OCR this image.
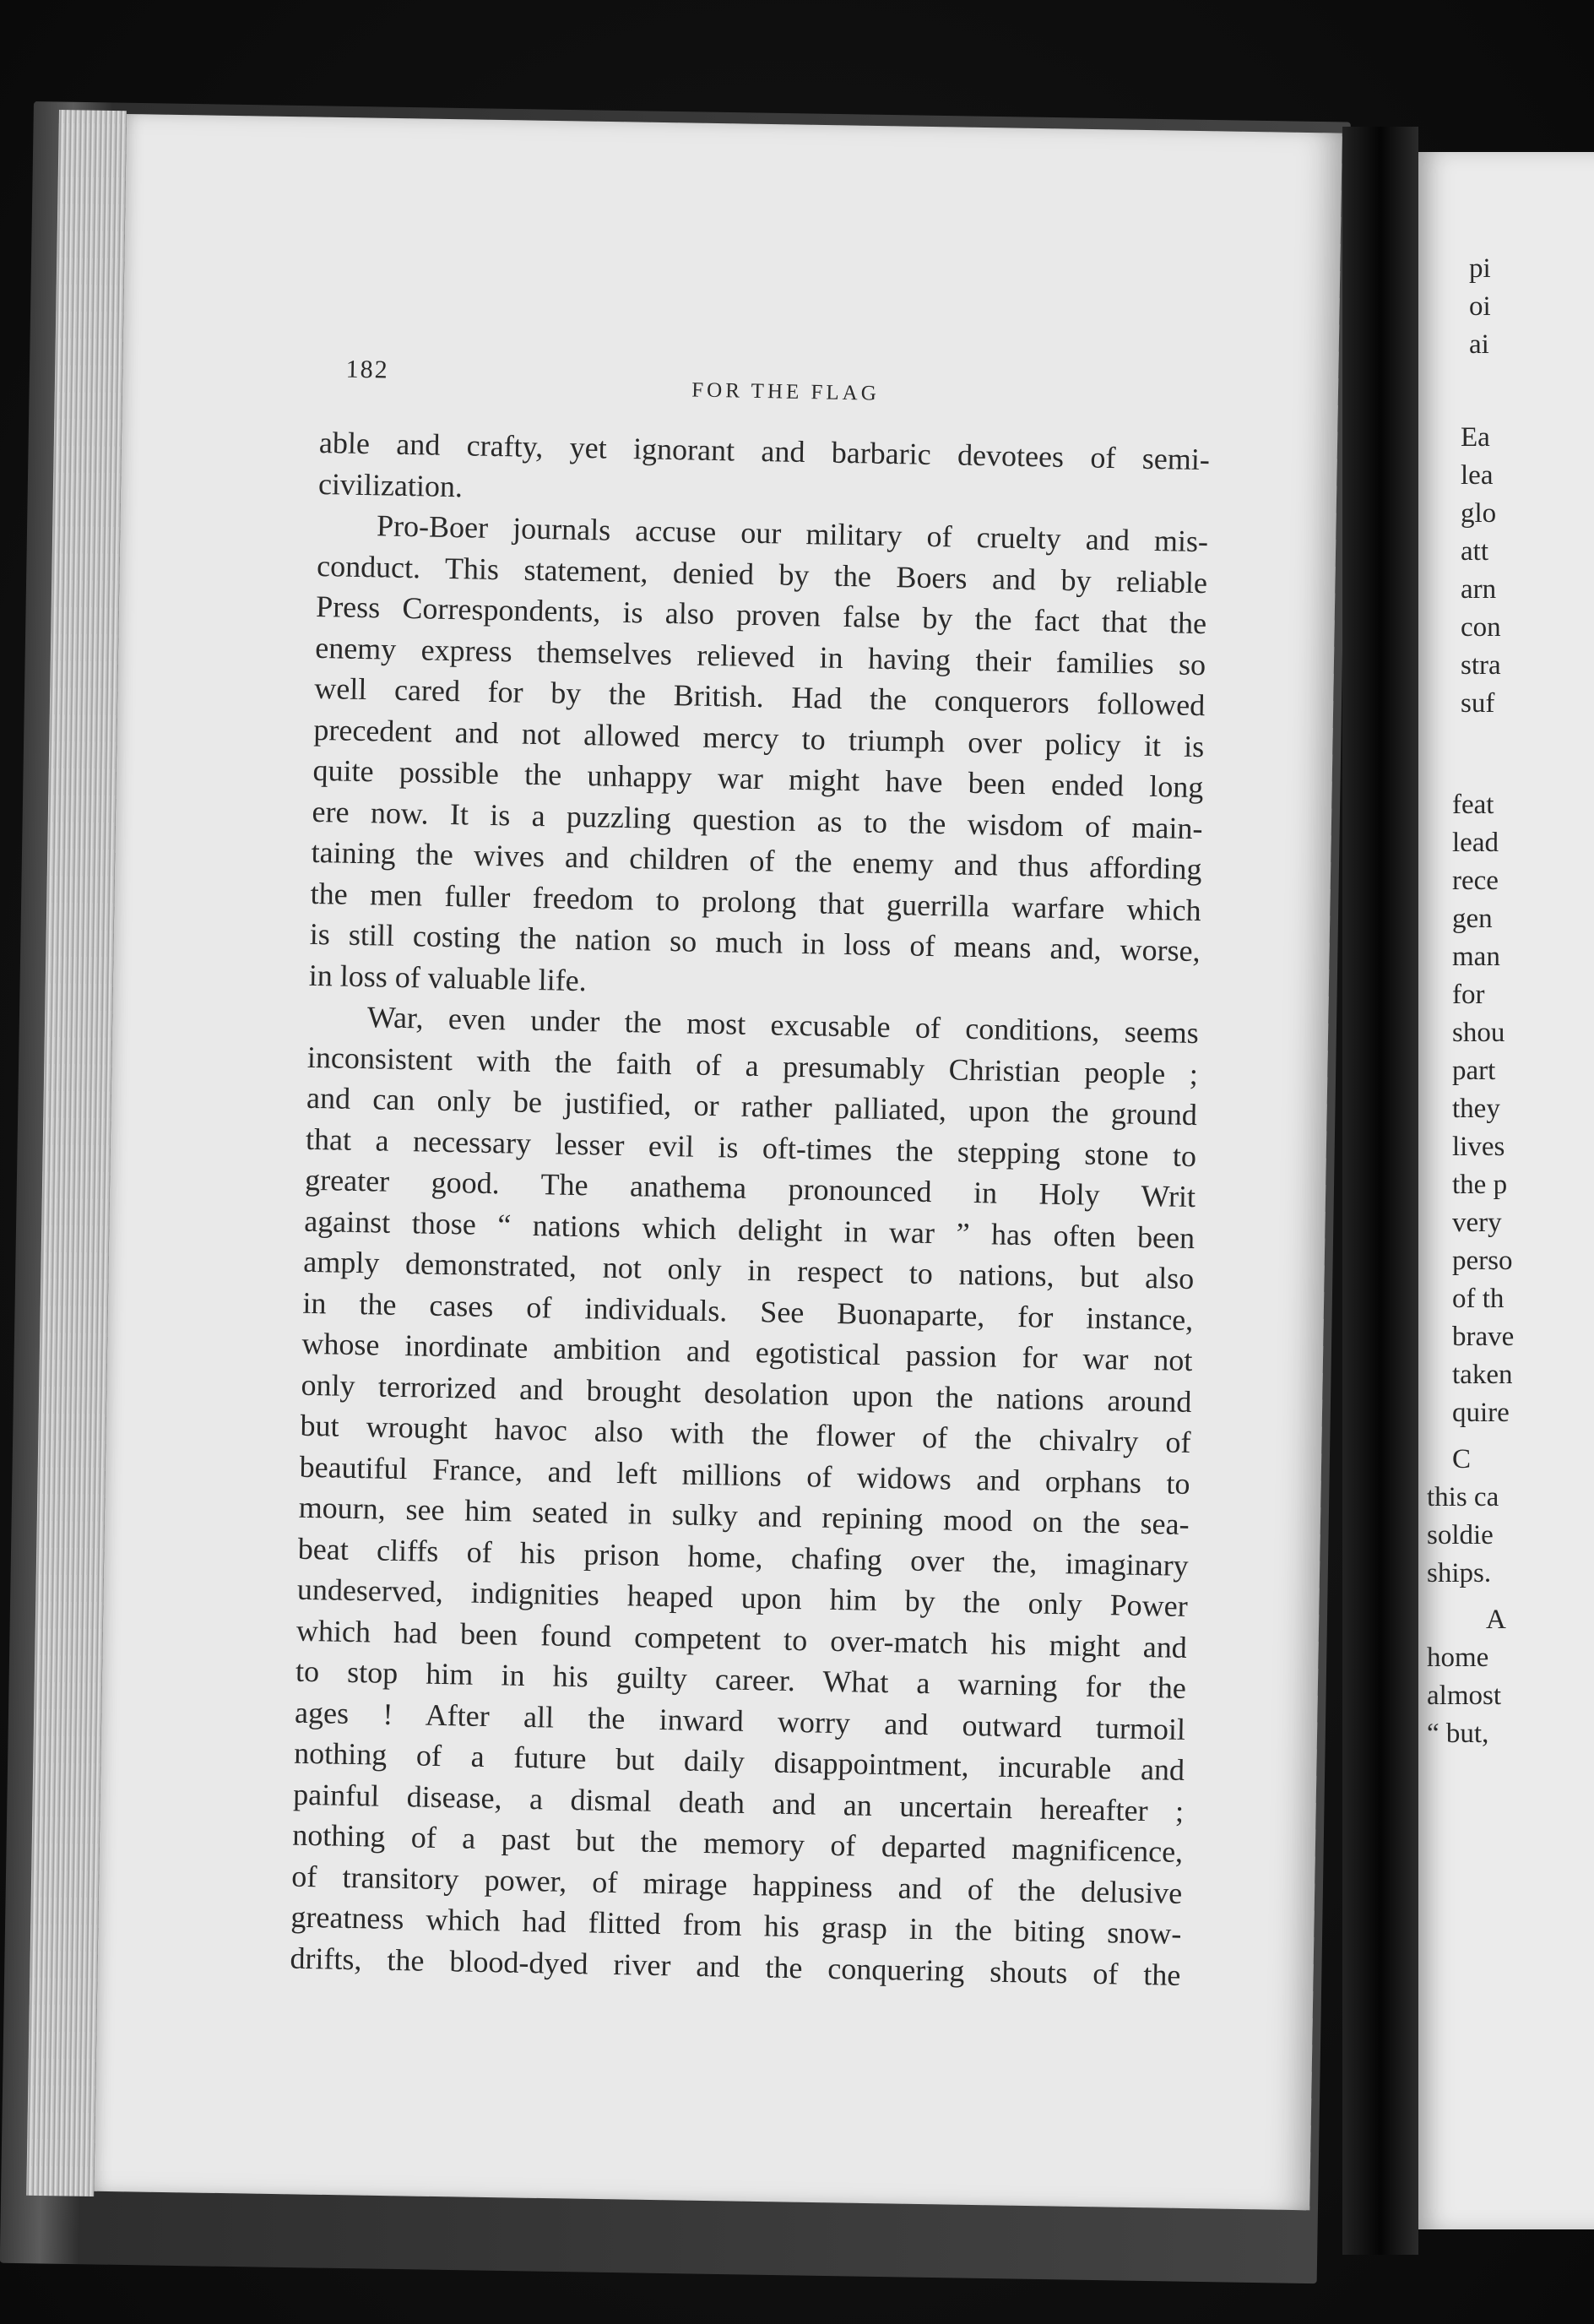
pi
oi
ai
Ea
lea
glo
att
arn
con
stra
suf
feat
lead
rece
gen
man
for
shou
part
they
lives
the p
very
perso
of th
brave
taken
quire
C
this ca
soldie
ships.
A
home
almost
“ but,
182
FOR THE FLAG
able and crafty, yet ignorant and barbaric devotees of semi-
civilization.
Pro-Boer journals accuse our military of cruelty and mis-
conduct. This statement, denied by the Boers and by reliable
Press Correspondents, is also proven false by the fact that the
enemy express themselves relieved in having their families so
well cared for by the British. Had the conquerors followed
precedent and not allowed mercy to triumph over policy it is
quite possible the unhappy war might have been ended long
ere now. It is a puzzling question as to the wisdom of main-
taining the wives and children of the enemy and thus affording
the men fuller freedom to prolong that guerrilla warfare which
is still costing the nation so much in loss of means and, worse,
in loss of valuable life.
War, even under the most excusable of conditions, seems
inconsistent with the faith of a presumably Christian people ;
and can only be justified, or rather palliated, upon the ground
that a necessary lesser evil is oft-times the stepping stone to
greater good. The anathema pronounced in Holy Writ
against those “ nations which delight in war ” has often been
amply demonstrated, not only in respect to nations, but also
in the cases of individuals. See Buonaparte, for instance,
whose inordinate ambition and egotistical passion for war not
only terrorized and brought desolation upon the nations around
but wrought havoc also with the flower of the chivalry of
beautiful France, and left millions of widows and orphans to
mourn, see him seated in sulky and repining mood on the sea-
beat cliffs of his prison home, chafing over the, imaginary
undeserved, indignities heaped upon him by the only Power
which had been found competent to over-match his might and
to stop him in his guilty career. What a warning for the
ages ! After all the inward worry and outward turmoil
nothing of a future but daily disappointment, incurable and
painful disease, a dismal death and an uncertain hereafter ;
nothing of a past but the memory of departed magnificence,
of transitory power, of mirage happiness and of the delusive
greatness which had flitted from his grasp in the biting snow-
drifts, the blood-dyed river and the conquering shouts of the
